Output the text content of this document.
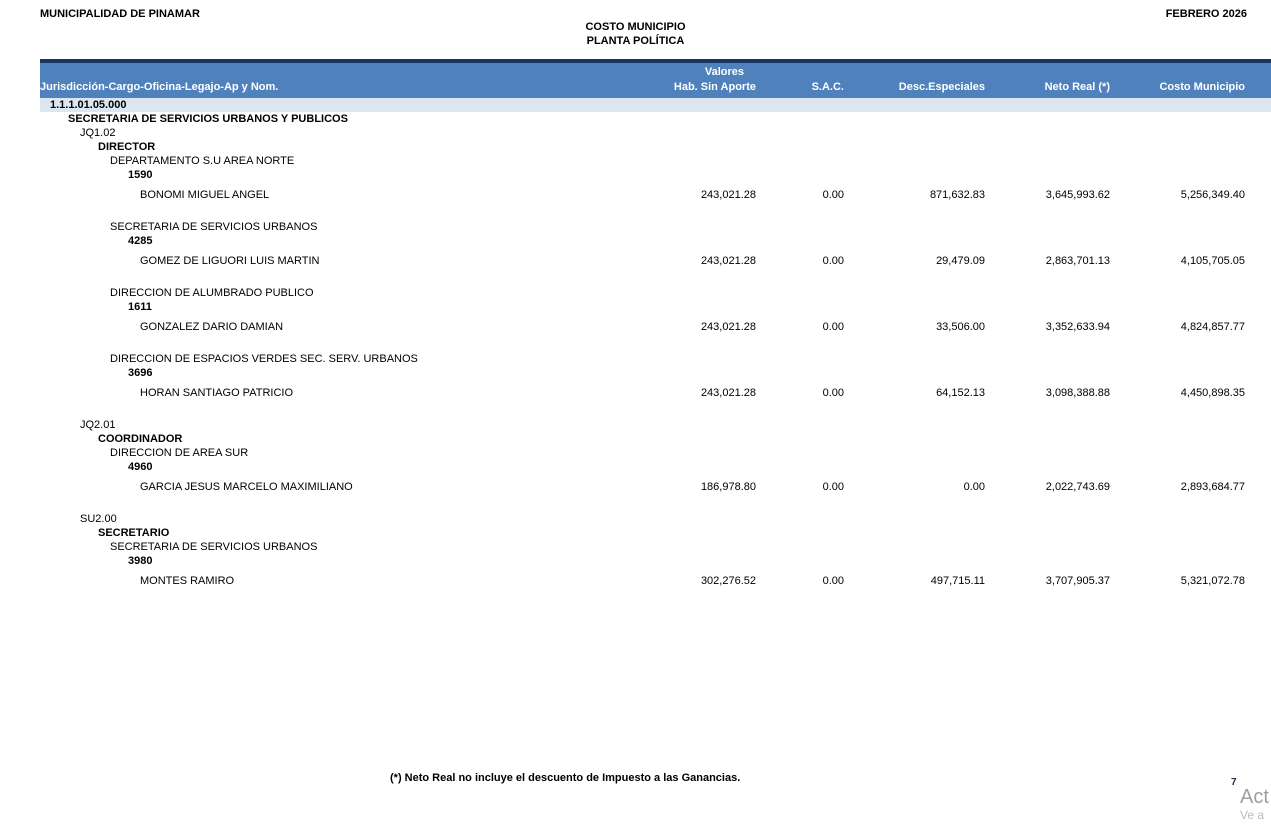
MUNICIPALIDAD DE PINAMAR	FEBRERO 2026
COSTO MUNICIPIO
PLANTA POLÍTICA
Valores
Jurisdicción-Cargo-Oficina-Legajo-Ap y Nom.	Hab. Sin Aporte	S.A.C.	Desc.Especiales	Neto Real (*)	Costo Municipio
1.1.1.01.05.000
SECRETARIA DE SERVICIOS URBANOS Y PUBLICOS
JQ1.02
DIRECTOR
DEPARTAMENTO S.U AREA NORTE
1590
BONOMI MIGUEL ANGEL	243,021.28	0.00	871,632.83	3,645,993.62	5,256,349.40
SECRETARIA DE SERVICIOS URBANOS
4285
GOMEZ DE LIGUORI LUIS MARTIN	243,021.28	0.00	29,479.09	2,863,701.13	4,105,705.05
DIRECCION DE ALUMBRADO PUBLICO
1611
GONZALEZ DARIO DAMIAN	243,021.28	0.00	33,506.00	3,352,633.94	4,824,857.77
DIRECCION DE ESPACIOS VERDES SEC. SERV. URBANOS
3696
HORAN SANTIAGO PATRICIO	243,021.28	0.00	64,152.13	3,098,388.88	4,450,898.35
JQ2.01
COORDINADOR
DIRECCION DE AREA SUR
4960
GARCIA JESUS MARCELO MAXIMILIANO	186,978.80	0.00	0.00	2,022,743.69	2,893,684.77
SU2.00
SECRETARIO
SECRETARIA DE SERVICIOS URBANOS
3980
MONTES RAMIRO	302,276.52	0.00	497,715.11	3,707,905.37	5,321,072.78
(*) Neto Real no incluye el descuento de Impuesto a las Ganancias.	7
Act
Ve a
